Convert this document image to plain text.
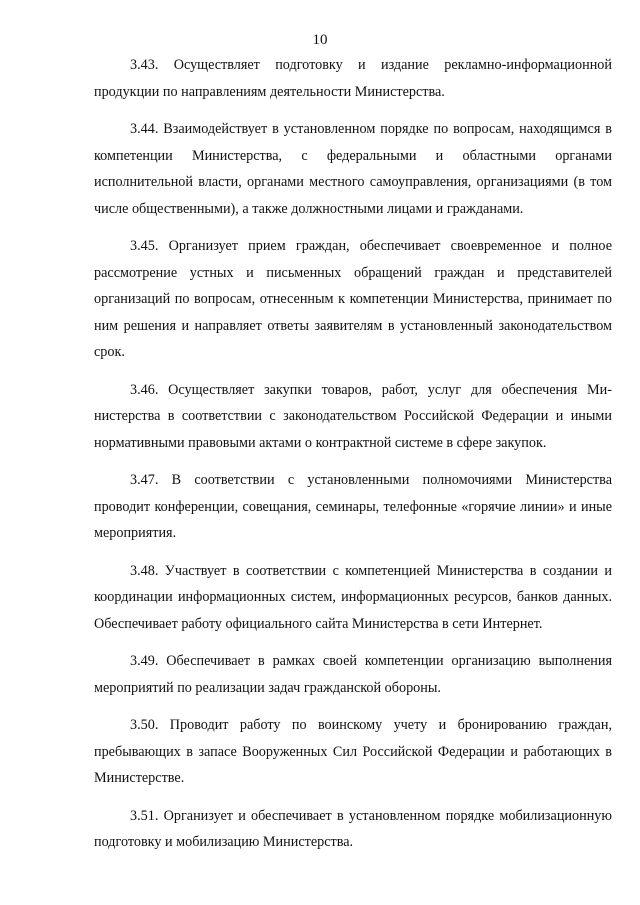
10

3.43. Осуществляет подготовку и издание рекламно-информационной продукции по направлениям деятельности Министерства.

3.44. Взаимодействует в установленном порядке по вопросам, находящимся в компетенции Министерства, с федеральными и областными органами исполнительной власти, органами местного самоуправления, организациями (в том числе общественными), а также должностными лицами и гражданами.

3.45. Организует прием граждан, обеспечивает своевременное и полное рассмотрение устных и письменных обращений граждан и представителей организаций по вопросам, отнесенным к компетенции Министерства, принимает по ним решения и направляет ответы заявителям в установленный законодательством срок.

3.46. Осуществляет закупки товаров, работ, услуг для обеспечения Министерства в соответствии с законодательством Российской Федерации и иными нормативными правовыми актами о контрактной системе в сфере закупок.

3.47. В соответствии с установленными полномочиями Министерства проводит конференции, совещания, семинары, телефонные «горячие линии» и иные мероприятия.

3.48. Участвует в соответствии с компетенцией Министерства в создании и координации информационных систем, информационных ресурсов, банков данных. Обеспечивает работу официального сайта Министерства в сети Интернет.

3.49. Обеспечивает в рамках своей компетенции организацию выполнения мероприятий по реализации задач гражданской обороны.

3.50. Проводит работу по воинскому учету и бронированию граждан, пребывающих в запасе Вооруженных Сил Российской Федерации и работающих в Министерстве.

3.51. Организует и обеспечивает в установленном порядке мобилизационную подготовку и мобилизацию Министерства.
